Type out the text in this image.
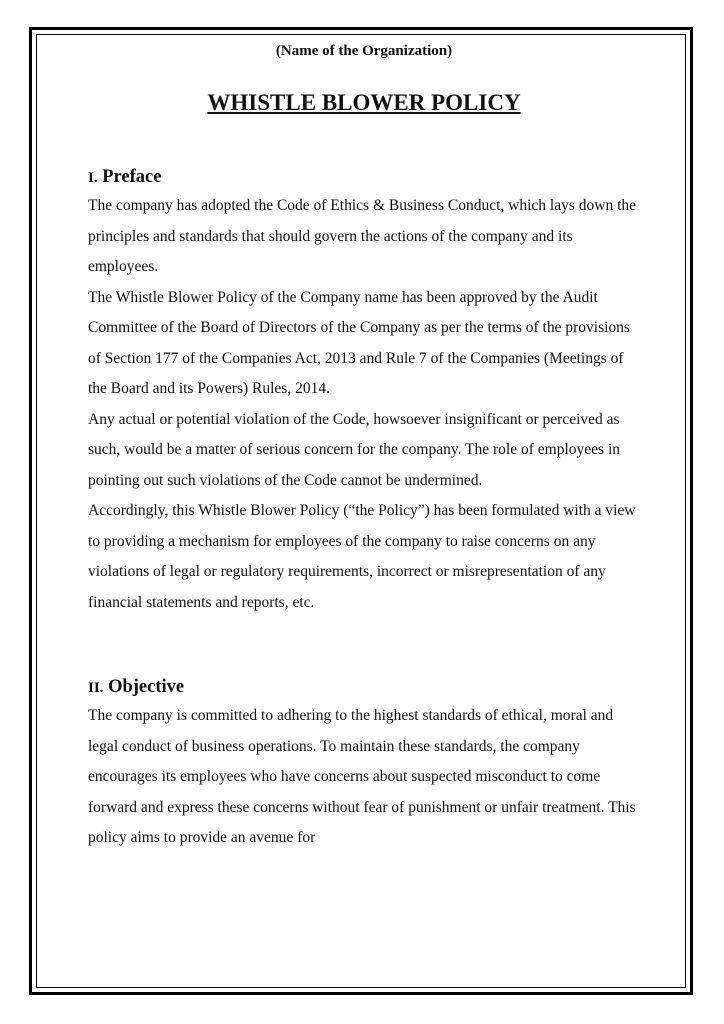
(Name of the Organization)

WHISTLE BLOWER POLICY
I. Preface

The company has adopted the Code of Ethics & Business Conduct, which lays down the principles and standards that should govern the actions of the company and its employees.

The Whistle Blower Policy of the Company name has been approved by the Audit Committee of the Board of Directors of the Company as per the terms of the provisions of Section 177 of the Companies Act, 2013 and Rule 7 of the Companies (Meetings of the Board and its Powers) Rules, 2014.

Any actual or potential violation of the Code, howsoever insignificant or perceived as such, would be a matter of serious concern for the company. The role of employees in pointing out such violations of the Code cannot be undermined.

Accordingly, this Whistle Blower Policy (“the Policy”) has been formulated with a view to providing a mechanism for employees of the company to raise concerns on any violations of legal or regulatory requirements, incorrect or misrepresentation of any financial statements and reports, etc.

II. Objective

The company is committed to adhering to the highest standards of ethical, moral and legal conduct of business operations. To maintain these standards, the company encourages its employees who have concerns about suspected misconduct to come forward and express these concerns without fear of punishment or unfair treatment. This policy aims to provide an avenue for
